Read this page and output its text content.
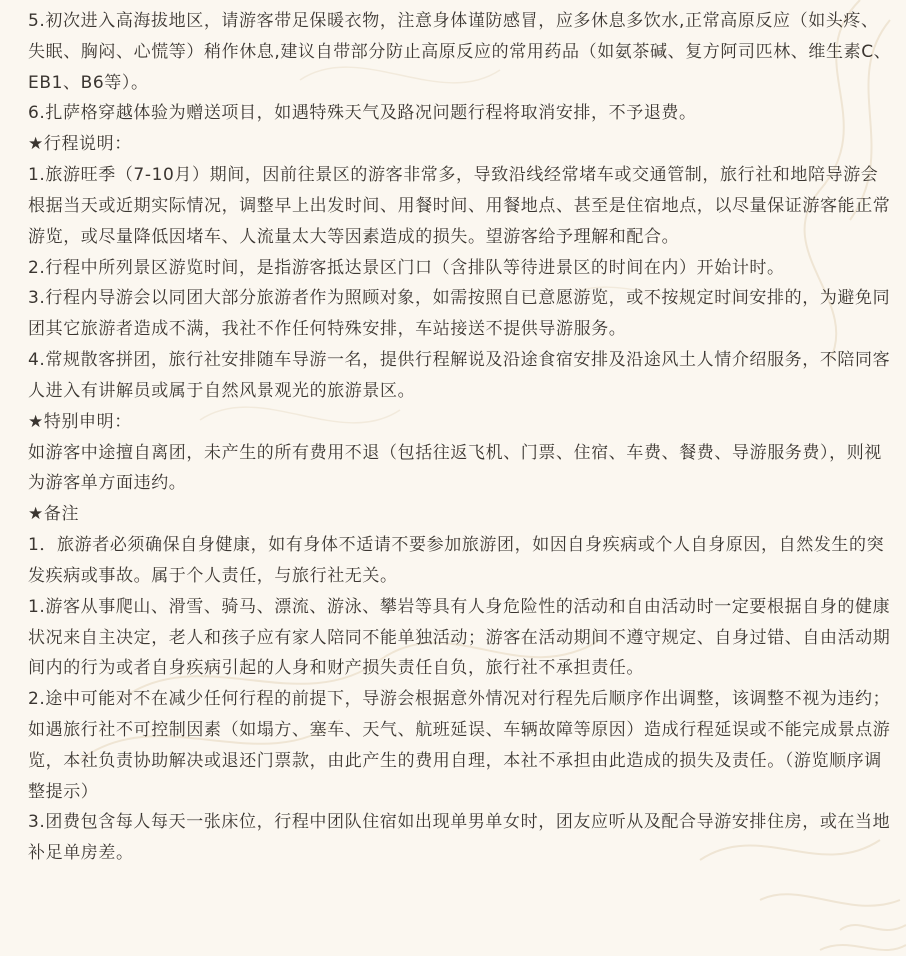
5.初次进入高海拔地区，请游客带足保暖衣物，注意身体谨防感冒，应多休息多饮水,正常高原反应（如头疼、失眠、胸闷、心慌等）稍作休息,建议自带部分防止高原反应的常用药品（如氨茶碱、复方阿司匹林、维生素C、EB1、B6等）。

6.扎萨格穿越体验为赠送项目，如遇特殊天气及路况问题行程将取消安排，不予退费。

★行程说明：

1.旅游旺季（7-10月）期间，因前往景区的游客非常多，导致沿线经常堵车或交通管制，旅行社和地陪导游会根据当天或近期实际情况，调整早上出发时间、用餐时间、用餐地点、甚至是住宿地点，以尽量保证游客能正常游览，或尽量降低因堵车、人流量太大等因素造成的损失。望游客给予理解和配合。

2.行程中所列景区游览时间，是指游客抵达景区门口（含排队等待进景区的时间在内）开始计时。

3.行程内导游会以同团大部分旅游者作为照顾对象，如需按照自已意愿游览，或不按规定时间安排的，为避免同团其它旅游者造成不满，我社不作任何特殊安排，车站接送不提供导游服务。

4.常规散客拼团，旅行社安排随车导游一名，提供行程解说及沿途食宿安排及沿途风土人情介绍服务，不陪同客人进入有讲解员或属于自然风景观光的旅游景区。

★特别申明：

如游客中途擅自离团，未产生的所有费用不退（包括往返飞机、门票、住宿、车费、餐费、导游服务费），则视为游客单方面违约。

★备注

1．旅游者必须确保自身健康，如有身体不适请不要参加旅游团，如因自身疾病或个人自身原因，自然发生的突发疾病或事故。属于个人责任，与旅行社无关。

1.游客从事爬山、滑雪、骑马、漂流、游泳、攀岩等具有人身危险性的活动和自由活动时一定要根据自身的健康状况来自主决定，老人和孩子应有家人陪同不能单独活动；游客在活动期间不遵守规定、自身过错、自由活动期间内的行为或者自身疾病引起的人身和财产损失责任自负，旅行社不承担责任。

2.途中可能对不在减少任何行程的前提下，导游会根据意外情况对行程先后顺序作出调整，该调整不视为违约；如遇旅行社不可控制因素（如塌方、塞车、天气、航班延误、车辆故障等原因）造成行程延误或不能完成景点游览，本社负责协助解决或退还门票款，由此产生的费用自理，本社不承担由此造成的损失及责任。（游览顺序调整提示）

3.团费包含每人每天一张床位，行程中团队住宿如出现单男单女时，团友应听从及配合导游安排住房，或在当地补足单房差。
